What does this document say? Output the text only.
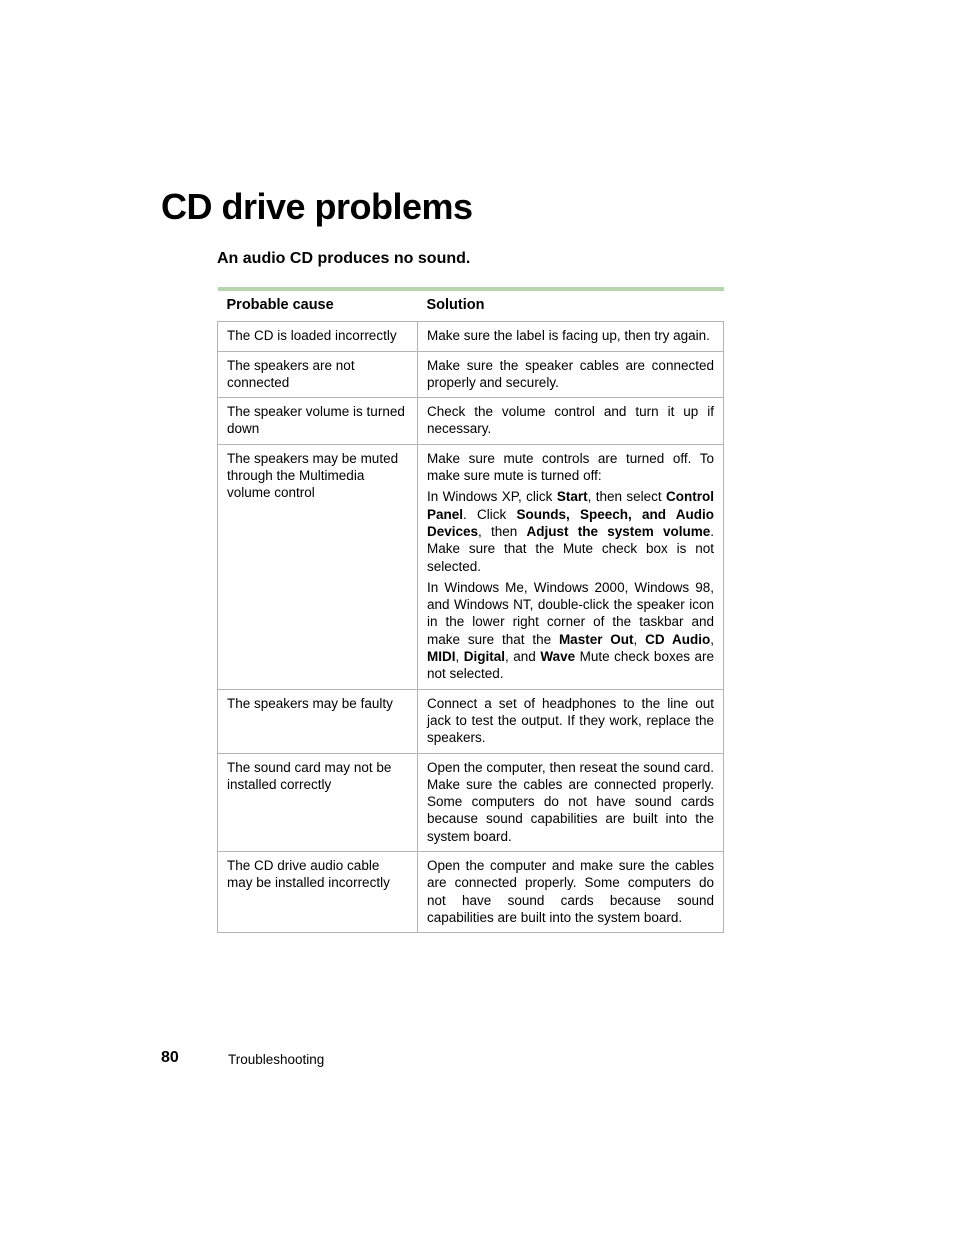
CD drive problems
An audio CD produces no sound.
Probable cause	Solution
The CD is loaded incorrectly	Make sure the label is facing up, then try again.

The speakers are not connected	Make sure the speaker cables are connected properly and securely.

The speaker volume is turned down	Check the volume control and turn it up if necessary.

The speakers may be muted through the Multimedia volume control	Make sure mute controls are turned off. To make sure mute is turned off:

In Windows XP, click Start, then select Control Panel. Click Sounds, Speech, and Audio Devices, then Adjust the system volume. Make sure that the Mute check box is not selected.

In Windows Me, Windows 2000, Windows 98, and Windows NT, double-click the speaker icon in the lower right corner of the taskbar and make sure that the Master Out, CD Audio, MIDI, Digital, and Wave Mute check boxes are not selected.

The speakers may be faulty	Connect a set of headphones to the line out jack to test the output. If they work, replace the speakers.

The sound card may not be installed correctly	Open the computer, then reseat the sound card. Make sure the cables are connected properly. Some computers do not have sound cards because sound capabilities are built into the system board.

The CD drive audio cable may be installed incorrectly	Open the computer and make sure the cables are connected properly. Some computers do not have sound cards because sound capabilities are built into the system board.

80	Troubleshooting
